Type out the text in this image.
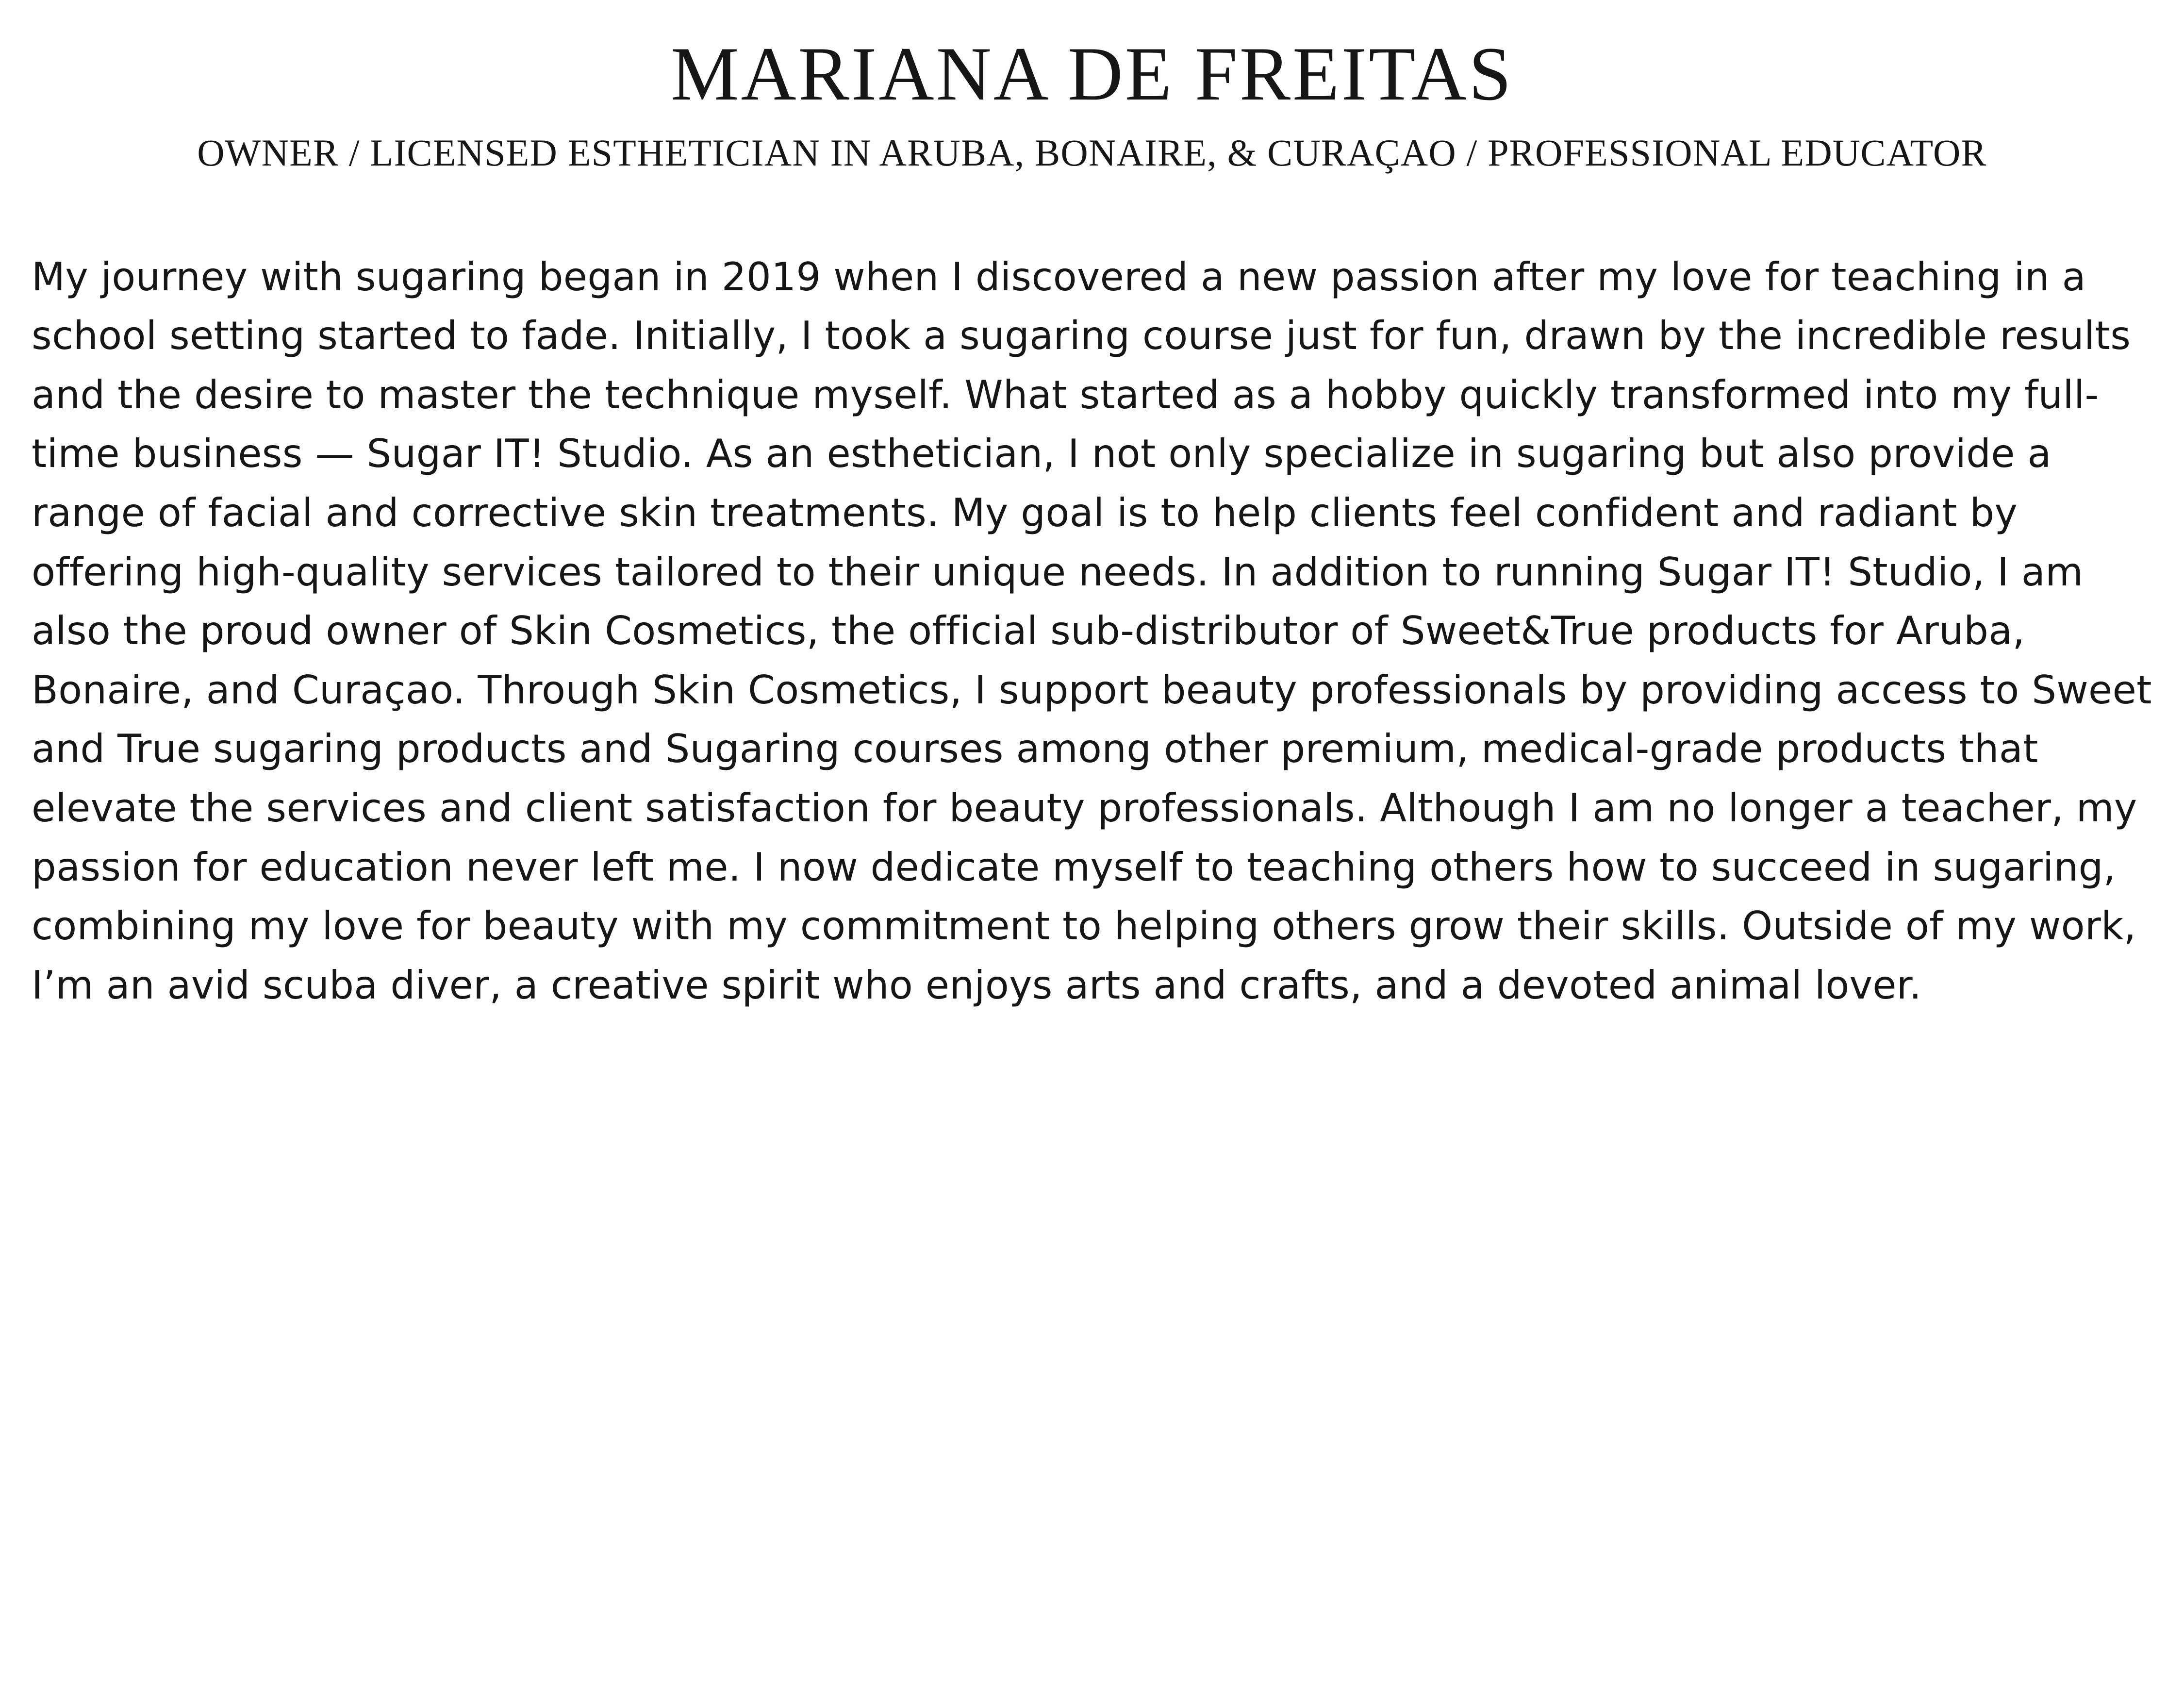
MARIANA DE FREITAS
OWNER / LICENSED ESTHETICIAN IN ARUBA, BONAIRE, & CURAÇAO / PROFESSIONAL EDUCATOR

My journey with sugaring began in 2019 when I discovered a new passion after my love for teaching in a school setting started to fade. Initially, I took a sugaring course just for fun, drawn by the incredible results and the desire to master the technique myself. What started as a hobby quickly transformed into my full-time business — Sugar IT! Studio. As an esthetician, I not only specialize in sugaring but also provide a range of facial and corrective skin treatments. My goal is to help clients feel confident and radiant by offering high-quality services tailored to their unique needs. In addition to running Sugar IT! Studio, I am also the proud owner of Skin Cosmetics, the official sub-distributor of Sweet&True products for Aruba, Bonaire, and Curaçao. Through Skin Cosmetics, I support beauty professionals by providing access to Sweet and True sugaring products and Sugaring courses among other premium, medical-grade products that elevate the services and client satisfaction for beauty professionals. Although I am no longer a teacher, my passion for education never left me. I now dedicate myself to teaching others how to succeed in sugaring, combining my love for beauty with my commitment to helping others grow their skills. Outside of my work, I’m an avid scuba diver, a creative spirit who enjoys arts and crafts, and a devoted animal lover.
